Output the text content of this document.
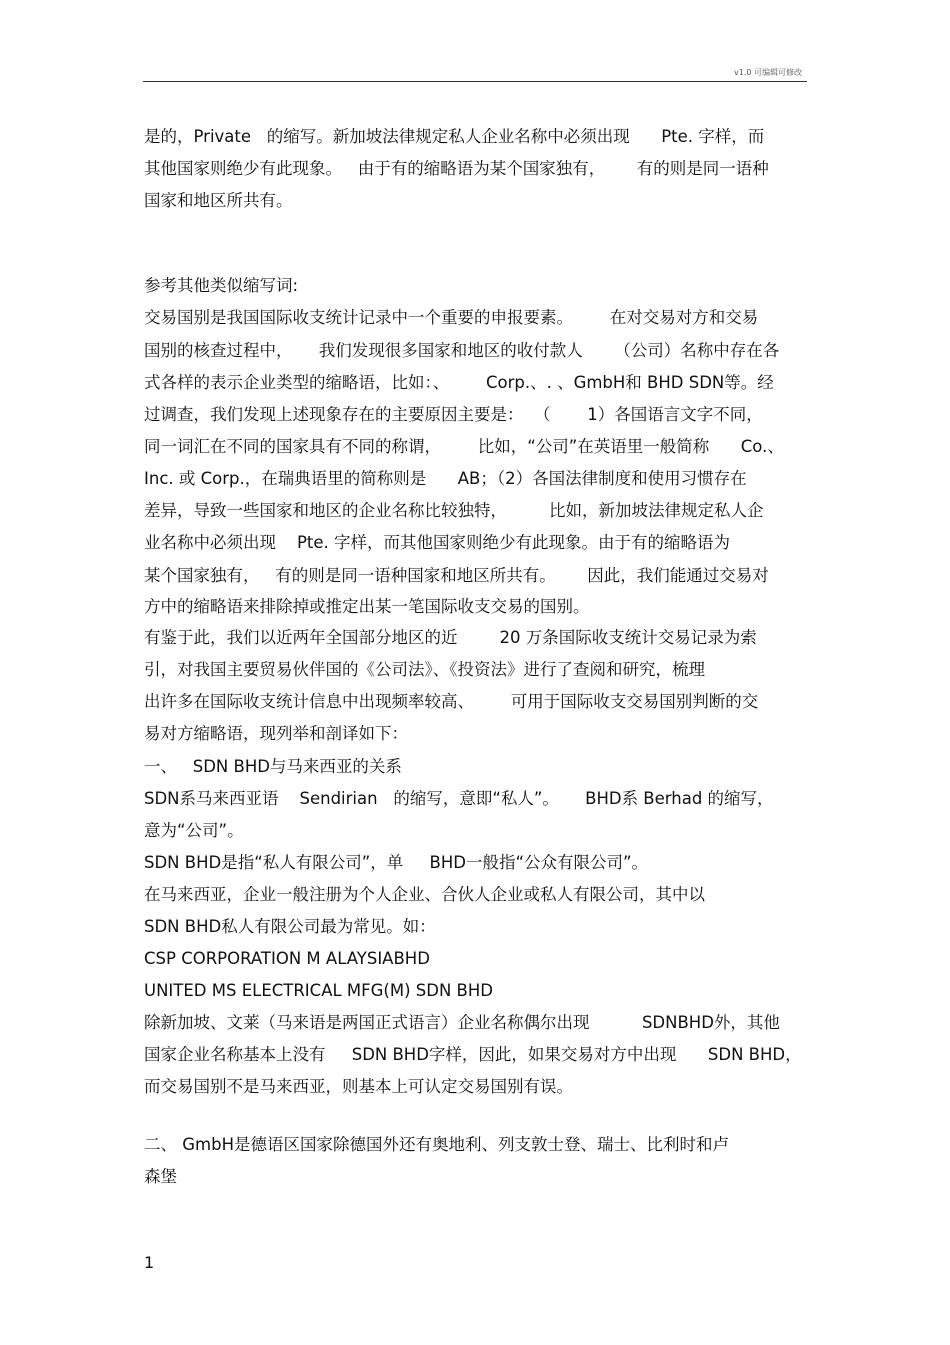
v1.0 可编辑可修改
是的，Private   的缩写。新加坡法律规定私人企业名称中必须出现      Pte. 字样，而
其他国家则绝少有此现象。   由于有的缩略语为某个国家独有，      有的则是同一语种
国家和地区所共有。
参考其他类似缩写词:
交易国别是我国国际收支统计记录中一个重要的申报要素。       在对交易对方和交易
国别的核查过程中，     我们发现很多国家和地区的收付款人      （公司）名称中存在各
式各样的表示企业类型的缩略语，比如：、       Corp.、. 、GmbH和 BHD SDN等。经
过调查，我们发现上述现象存在的主要原因主要是：  （       1）各国语言文字不同，
同一词汇在不同的国家具有不同的称谓，       比如，“公司”在英语里一般简称      Co.、
Inc. 或 Corp.，在瑞典语里的简称则是      AB；（2）各国法律制度和使用习惯存在
差异，导致一些国家和地区的企业名称比较独特，        比如，新加坡法律规定私人企
业名称中必须出现    Pte. 字样，而其他国家则绝少有此现象。由于有的缩略语为
某个国家独有，   有的则是同一语种国家和地区所共有。      因此，我们能通过交易对
方中的缩略语来排除掉或推定出某一笔国际收支交易的国别。
有鉴于此，我们以近两年全国部分地区的近        20 万条国际收支统计交易记录为索
引，对我国主要贸易伙伴国的《公司法》、《投资法》进行了查阅和研究，梳理
出许多在国际收支统计信息中出现频率较高、       可用于国际收支交易国别判断的交
易对方缩略语，现列举和剖译如下：
一、   SDN BHD与马来西亚的关系
SDN系马来西亚语    Sendirian   的缩写，意即“私人”。     BHD系 Berhad 的缩写，
意为“公司”。
SDN BHD是指“私人有限公司”，单     BHD一般指“公众有限公司”。
在马来西亚，企业一般注册为个人企业、合伙人企业或私人有限公司，其中以
SDN BHD私人有限公司最为常见。如：
CSP CORPORATION M ALAYSIABHD
UNITED MS ELECTRICAL MFG(M) SDN BHD
除新加坡、文莱（马来语是两国正式语言）企业名称偶尔出现          SDNBHD外，其他
国家企业名称基本上没有     SDN BHD字样，因此，如果交易对方中出现      SDN BHD，
而交易国别不是马来西亚，则基本上可认定交易国别有误。
二、 GmbH是德语区国家除德国外还有奥地利、列支敦士登、瑞士、比利时和卢
森堡
1
